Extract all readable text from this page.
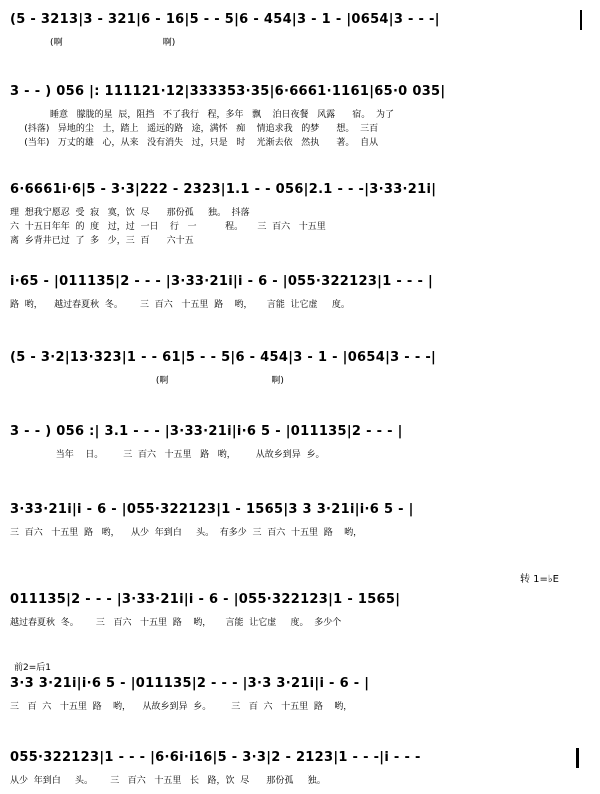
(5 - 3213|3 - 321|6 - 16|5 - - 5|6 - 454|3 - 1 - |0654|3 - - -|
(啊                                   啊)
3 - - ) 056 |: 111121·12|333353·35|6·6661·1161|65·0 035|
睡意   朦胧的星  辰，阻挡   不了我行   程，多年   飘    泊日夜餐   风露      宿。  为了
(抖落)   异地的尘   土，踏上   遥远的路   途，满怀   痴    情追求我   的梦      想。  三百
(当年)   万丈的雄   心，从来   没有消失   过，只是   时    光渐去依   然执      著。  自从
6·6661i·6|5 - 3·3|222 - 2323|1.1 - - 056|2.1 - - -|3·33·21i|
理  想我宁愿忍  受  寂   寞，饮  尽      那份孤     独。  抖落
六  十五日年年  的  度   过，过  一日    行   一          程。     三  百六   十五里
离  乡背井已过  了  多   少，三  百      六十五
i·65 - |011135|2 - - - |3·33·21i|i - 6 - |055·322123|1 - - - |
路  哟，    越过春夏秋  冬。      三  百六   十五里  路    哟，     言能  让它虚     度。
(5 - 3·2|13·323|1 - - 61|5 - - 5|6 - 454|3 - 1 - |0654|3 - - -|
(啊                                    啊)
3 - - ) 056 :| 3.1 - - - |3·33·21i|i·6 5 - |011135|2 - - - |
当年    日。       三  百六   十五里   路   哟，       从故乡到异  乡。
3·33·21i|i - 6 - |055·322123|1 - 1565|3 3 3·21i|i·6 5 - |
三  百六   十五里  路   哟，    从少  年到白     头。  有多少  三  百六  十五里  路    哟，
转 1=♭E
011135|2 - - - |3·33·21i|i - 6 - |055·322123|1 - 1565|
越过春夏秋  冬。      三   百六   十五里  路    哟，     言能  让它虚     度。  多少个
前2=后1
3·3 3·21i|i·6 5 - |011135|2 - - - |3·3 3·21i|i - 6 - |
三   百  六   十五里  路    哟，    从故乡到异  乡。       三   百  六   十五里  路    哟，
055·322123|1 - - - |6·6i·i16|5 - 3·3|2 - 2123|1 - - -|i - - -
从少  年到白     头。      三   百六   十五里   长   路，饮  尽      那份孤     独。
